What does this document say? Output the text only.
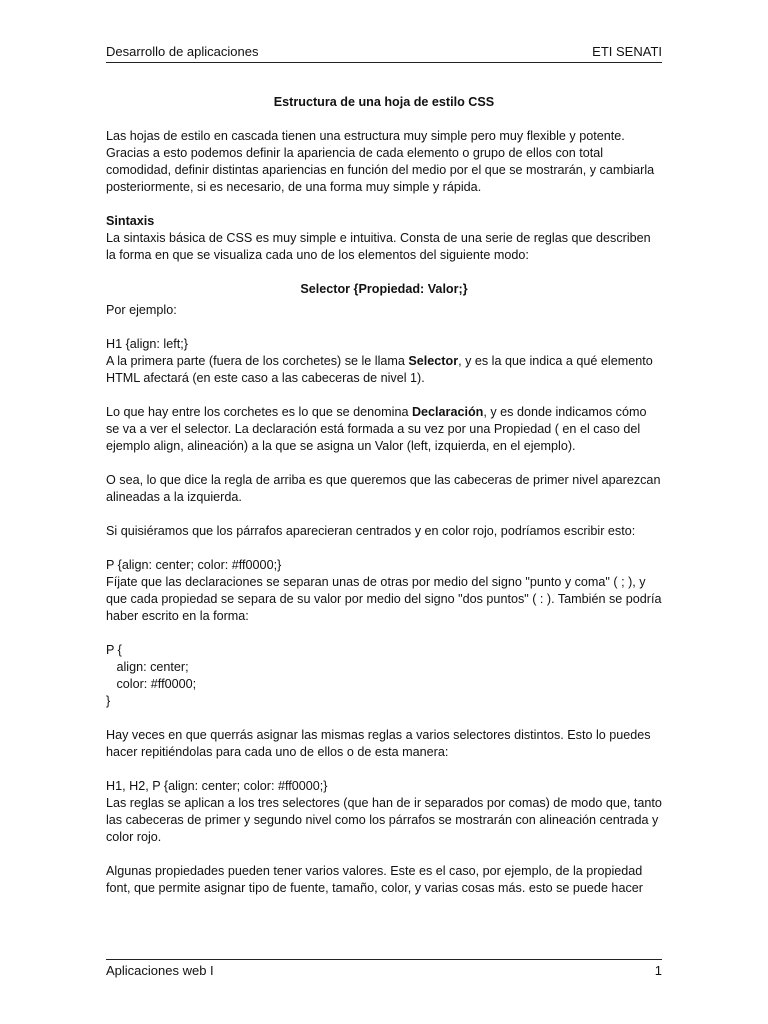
Desarrollo de aplicaciones	ETI SENATI

Estructura de una hoja de estilo CSS

Las hojas de estilo en cascada tienen una estructura muy simple pero muy flexible y potente. Gracias a esto podemos definir la apariencia de cada elemento o grupo de ellos con total comodidad, definir distintas apariencias en función del medio por el que se mostrarán, y cambiarla posteriormente, si es necesario, de una forma muy simple y rápida.

Sintaxis
La sintaxis básica de CSS es muy simple e intuitiva. Consta de una serie de reglas que describen la forma en que se visualiza cada uno de los elementos del siguiente modo:

Selector {Propiedad: Valor;}

Por ejemplo:

H1 {align: left;}
A la primera parte (fuera de los corchetes) se le llama Selector, y es la que indica a qué elemento HTML afectará (en este caso a las cabeceras de nivel 1).

Lo que hay entre los corchetes es lo que se denomina Declaración, y es donde indicamos cómo se va a ver el selector. La declaración está formada a su vez por una Propiedad ( en el caso del ejemplo align, alineación) a la que se asigna un Valor (left, izquierda, en el ejemplo).

O sea, lo que dice la regla de arriba es que queremos que las cabeceras de primer nivel aparezcan alineadas a la izquierda.

Si quisiéramos que los párrafos aparecieran centrados y en color rojo, podríamos escribir esto:

P {align: center; color: #ff0000;}
Fíjate que las declaraciones se separan unas de otras por medio del signo "punto y coma" ( ; ), y que cada propiedad se separa de su valor por medio del signo "dos puntos" ( : ). También se podría haber escrito en la forma:
P {
align: center;
color: #ff0000;
}

Hay veces en que querrás asignar las mismas reglas a varios selectores distintos. Esto lo puedes hacer repitiéndolas para cada uno de ellos o de esta manera:

H1, H2, P {align: center; color: #ff0000;}
Las reglas se aplican a los tres selectores (que han de ir separados por comas) de modo que, tanto las cabeceras de primer y segundo nivel como los párrafos se mostrarán con alineación centrada y color rojo.

Algunas propiedades pueden tener varios valores. Este es el caso, por ejemplo, de la propiedad font, que permite asignar tipo de fuente, tamaño, color, y varias cosas más. esto se puede hacer

Aplicaciones web I	1
